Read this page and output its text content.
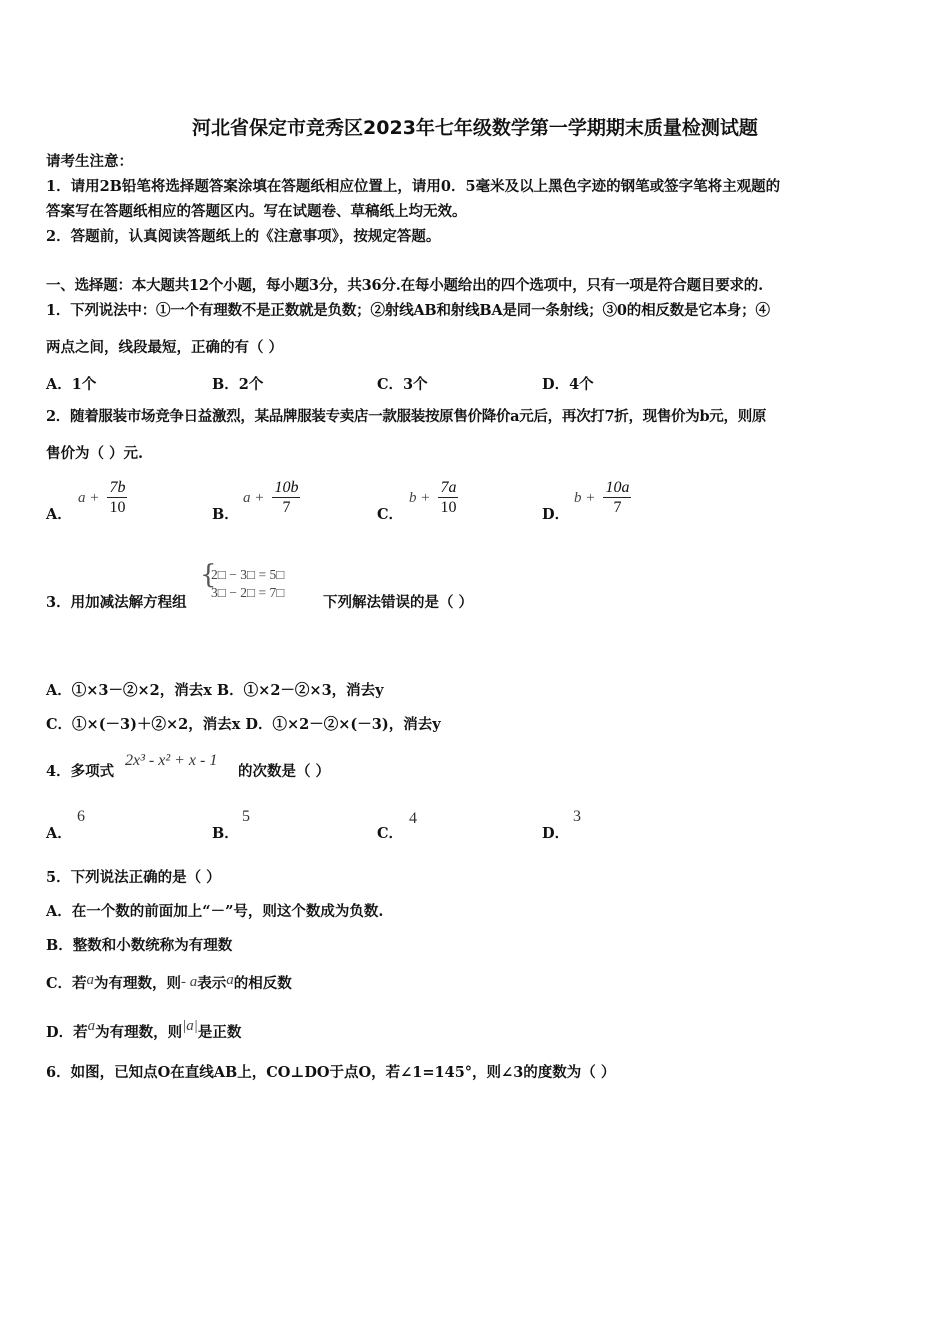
河北省保定市竞秀区2023年七年级数学第一学期期末质量检测试题
请考生注意：
1．请用2B铅笔将选择题答案涂填在答题纸相应位置上，请用0．5毫米及以上黑色字迹的钢笔或签字笔将主观题的
答案写在答题纸相应的答题区内。写在试题卷、草稿纸上均无效。
2．答题前，认真阅读答题纸上的《注意事项》，按规定答题。
一、选择题：本大题共12个小题，每小题3分，共36分.在每小题给出的四个选项中，只有一项是符合题目要求的.
1．下列说法中：①一个有理数不是正数就是负数；②射线AB和射线BA是同一条射线；③0的相反数是它本身；④
两点之间，线段最短，正确的有（ ）
A．1个	B．2个	C．3个	D．4个
2．随着服装市场竞争日益激烈，某品牌服装专卖店一款服装按原售价降价a元后，再次打7折，现售价为b元，则原
售价为（ ）元.
A．
$a + \frac{7b}{10}$	B．
$a + \frac{10b}{7}$	C．
$b + \frac{7a}{10}$	D．
$b + \frac{10a}{7}$
3．用加减法解方程组
{
2□ − 3□ = 5□
3□ − 2□ = 7□
下列解法错误的是（ ）
A．①×3－②×2，消去x B．①×2－②×3，消去y
C．①×(－3)＋②×2，消去x D．①×2－②×(－3)，消去y
4．多项式
2x³ - x² + x - 1
的次数是（ ）
A．
6
B．
5
C．
4
D．
3
5．下列说法正确的是（ ）
A．在一个数的前面加上“－”号，则这个数成为负数.
B．整数和小数统称为有理数
C．若a为有理数，则- a表示a的相反数
D．若a为有理数，则|a|是正数
6．如图，已知点O在直线AB上，CO⊥DO于点O，若∠1=145°，则∠3的度数为（ ）
